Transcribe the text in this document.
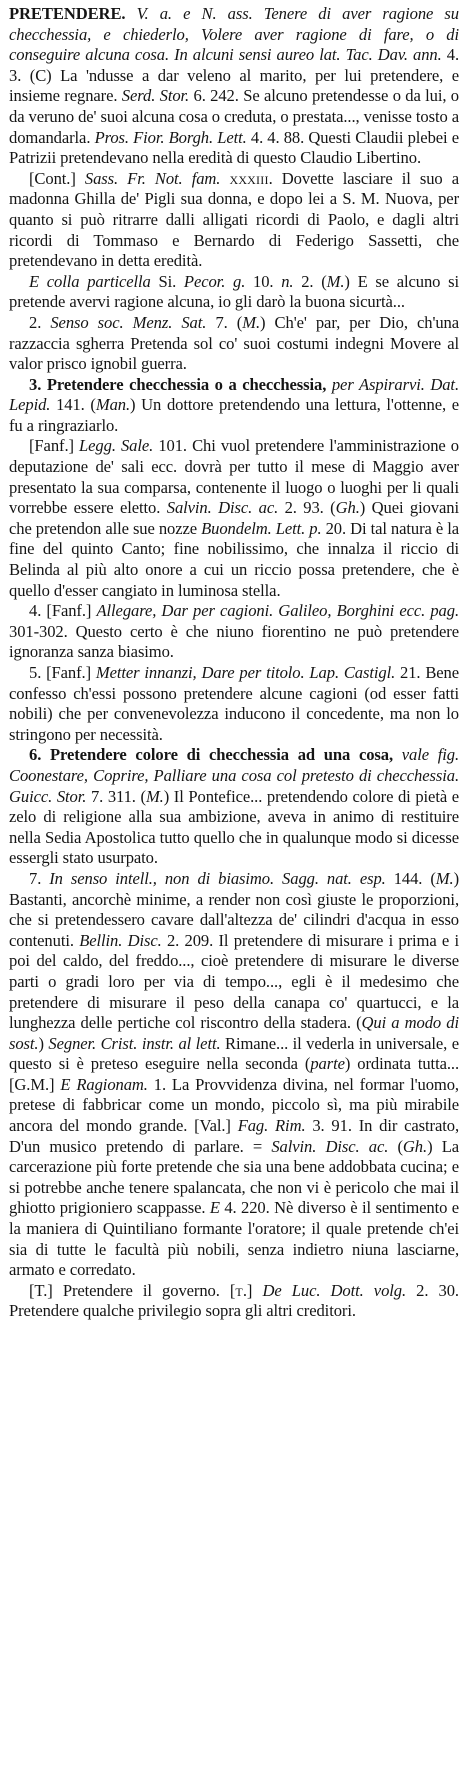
PRETENDERE. V. a. e N. ass. Tenere di aver ragione su checchessia, e chiederlo, Volere aver ragione di fare, o di conseguire alcuna cosa. In alcuni sensi aureo lat. Tac. Dav. ann. 4. 3. (C) La 'ndusse a dar veleno al marito, per lui pretendere, e insieme regnare. Serd. Stor. 6. 242. Se alcuno pretendesse o da lui, o da veruno de' suoi alcuna cosa o creduta, o prestata..., venisse tosto a domandarla. Pros. Fior. Borgh. Lett. 4. 4. 88. Questi Claudii plebei e Patrizii pretendevano nella eredità di questo Claudio Libertino.

[Cont.] Sass. Fr. Not. fam. xxxiii. Dovette lasciare il suo a madonna Ghilla de' Pigli sua donna, e dopo lei a S. M. Nuova, per quanto si può ritrarre dalli alligati ricordi di Paolo, e dagli altri ricordi di Tommaso e Bernardo di Federigo Sassetti, che pretendevano in detta eredità.

E colla particella Si. Pecor. g. 10. n. 2. (M.) E se alcuno si pretende avervi ragione alcuna, io gli darò la buona sicurtà...

2. Senso soc. Menz. Sat. 7. (M.) Ch'e' par, per Dio, ch'una razzaccia sgherra Pretenda sol co' suoi costumi indegni Movere al valor prisco ignobil guerra.

3. Pretendere checchessia o a checchessia, per Aspirarvi. Dat. Lepid. 141. (Man.) Un dottore pretendendo una lettura, l'ottenne, e fu a ringraziarlo.

[Fanf.] Legg. Sale. 101. Chi vuol pretendere l'amministrazione o deputazione de' sali ecc. dovrà per tutto il mese di Maggio aver presentato la sua comparsa, contenente il luogo o luoghi per li quali vorrebbe essere eletto. Salvin. Disc. ac. 2. 93. (Gh.) Quei giovani che pretendon alle sue nozze Buondelm. Lett. p. 20. Di tal natura è la fine del quinto Canto; fine nobilissimo, che innalza il riccio di Belinda al più alto onore a cui un riccio possa pretendere, che è quello d'esser cangiato in luminosa stella.

4. [Fanf.] Allegare, Dar per cagioni. Galileo, Borghini ecc. pag. 301-302. Questo certo è che niuno fiorentino ne può pretendere ignoranza sanza biasimo.

5. [Fanf.] Metter innanzi, Dare per titolo. Lap. Castigl. 21. Bene confesso ch'essi possono pretendere alcune cagioni (od esser fatti nobili) che per convenevolezza inducono il concedente, ma non lo stringono per necessità.

6. Pretendere colore di checchessia ad una cosa, vale fig. Coonestare, Coprire, Palliare una cosa col pretesto di checchessia. Guicc. Stor. 7. 311. (M.) Il Pontefice... pretendendo colore di pietà e zelo di religione alla sua ambizione, aveva in animo di restituire nella Sedia Apostolica tutto quello che in qualunque modo si dicesse essergli stato usurpato.

7. In senso intell., non di biasimo. Sagg. nat. esp. 144. (M.) Bastanti, ancorchè minime, a render non così giuste le proporzioni, che si pretendessero cavare dall'altezza de' cilindri d'acqua in esso contenuti. Bellin. Disc. 2. 209. Il pretendere di misurare i prima e i poi del caldo, del freddo..., cioè pretendere di misurare le diverse parti o gradi loro per via di tempo..., egli è il medesimo che pretendere di misurare il peso della canapa co' quartucci, e la lunghezza delle pertiche col riscontro della stadera. (Qui a modo di sost.) Segner. Crist. instr. al lett. Rimane... il vederla in universale, e questo si è preteso eseguire nella seconda (parte) ordinata tutta... [G.M.] E Ragionam. 1. La Provvidenza divina, nel formar l'uomo, pretese di fabbricar come un mondo, piccolo sì, ma più mirabile ancora del mondo grande. [Val.] Fag. Rim. 3. 91. In dir castrato, D'un musico pretendo di parlare. = Salvin. Disc. ac. (Gh.) La carcerazione più forte pretende che sia una bene addobbata cucina; e si potrebbe anche tenere spalancata, che non vi è pericolo che mai il ghiotto prigioniero scappasse. E 4. 220. Nè diverso è il sentimento e la maniera di Quintiliano formante l'oratore; il quale pretende ch'ei sia di tutte le facultà più nobili, senza indietro niuna lasciarne, armato e corredato.

[T.] Pretendere il governo. [t.] De Luc. Dott. volg. 2. 30. Pretendere qualche privilegio sopra gli altri creditori.
